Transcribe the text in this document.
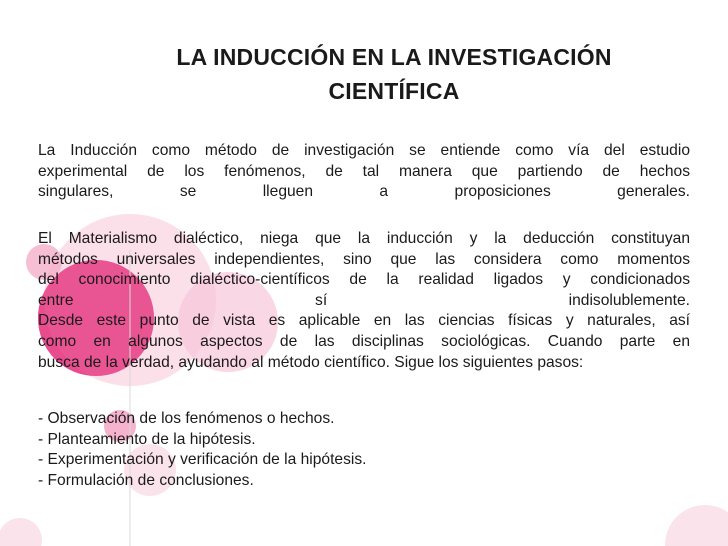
LA INDUCCIÓN EN LA INVESTIGACIÓN
CIENTÍFICA
La Inducción como método de investigación se entiende como vía del estudio
experimental de los fenómenos, de tal manera que partiendo de hechos
singulares, se lleguen a proposiciones generales.
El Materialismo dialéctico, niega que la inducción y la deducción constituyan
métodos universales independientes, sino que las considera como momentos
del conocimiento dialéctico-científicos de la realidad ligados y condicionados
entre sí indisolublemente.
Desde este punto de vista es aplicable en las ciencias físicas y naturales, así
como en algunos aspectos de las disciplinas sociológicas. Cuando parte en
busca de la verdad, ayudando al método científico. Sigue los siguientes pasos:
- Observación de los fenómenos o hechos.
- Planteamiento de la hipótesis.
- Experimentación y verificación de la hipótesis.
- Formulación de conclusiones.
